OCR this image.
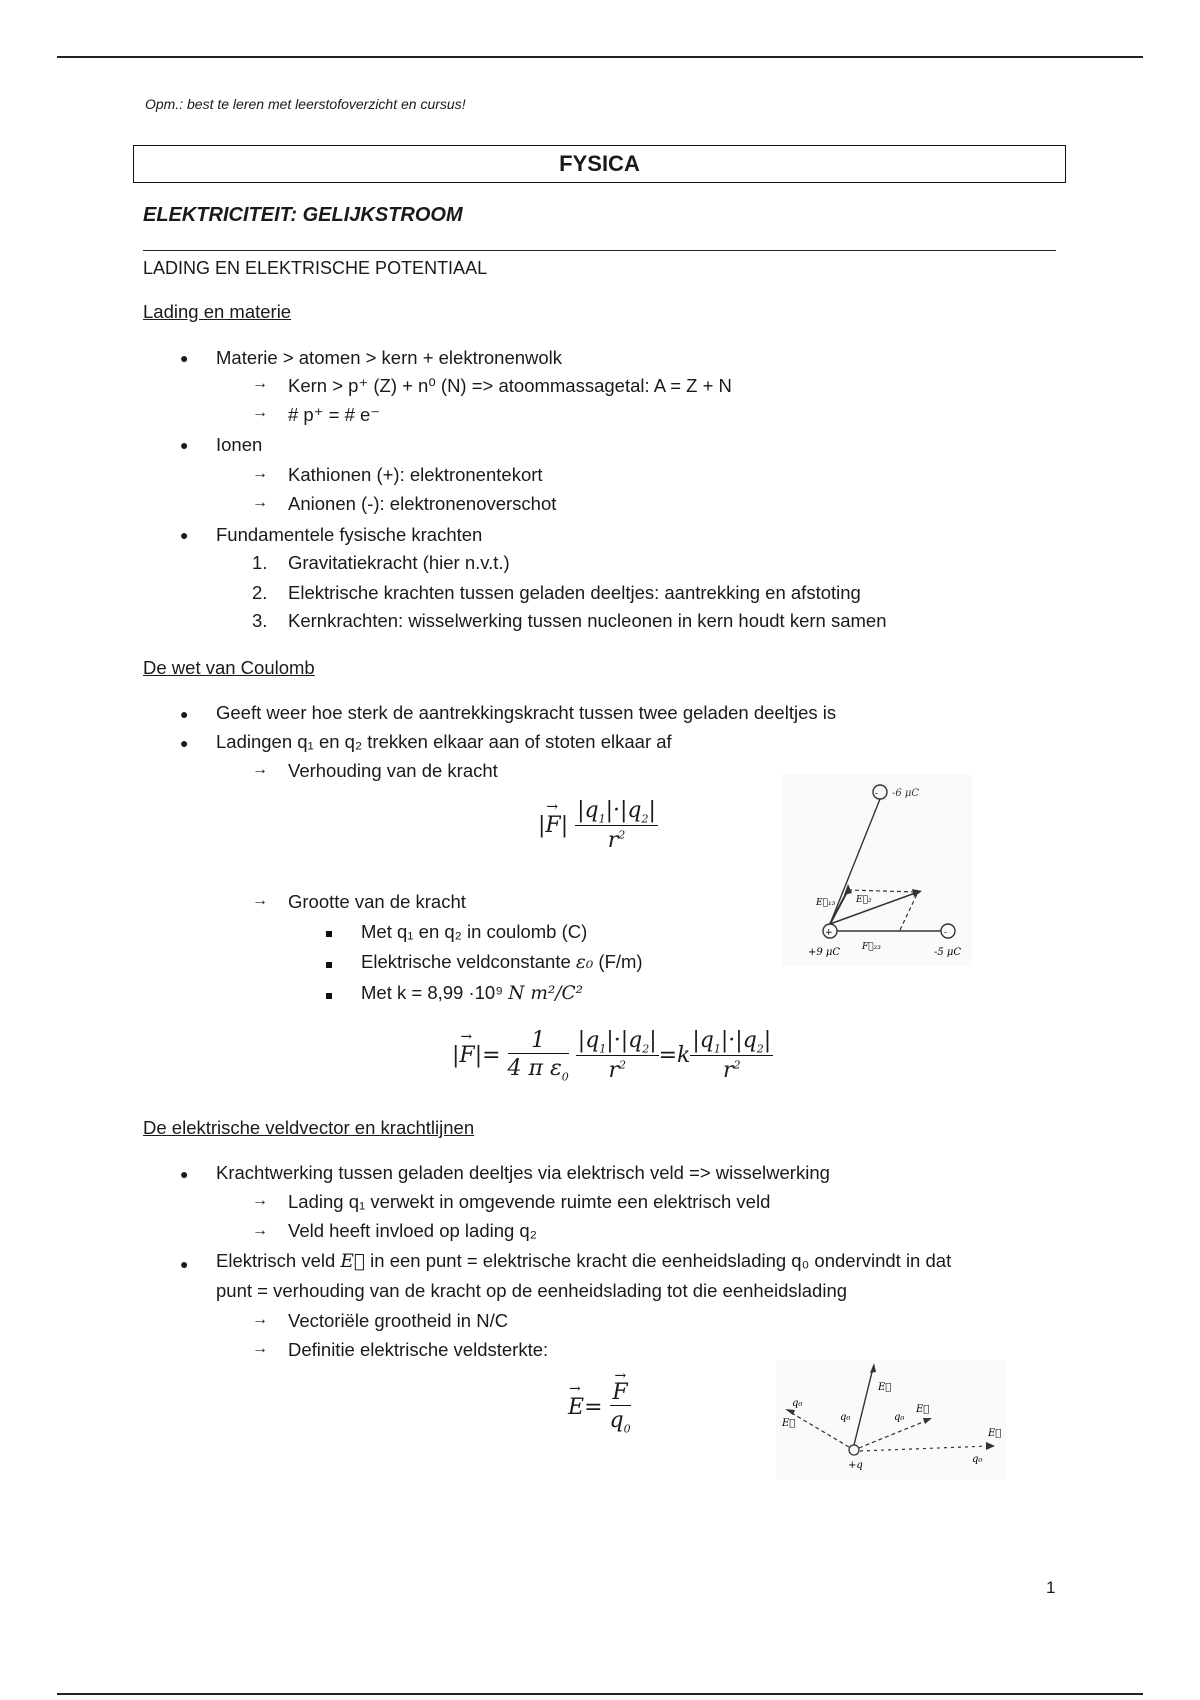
Opm.: best te leren met leerstofoverzicht en cursus!
FYSICA
ELEKTRICITEIT: GELIJKSTROOM
LADING EN ELEKTRISCHE POTENTIAAL
Lading en materie
● Materie > atomen > kern + elektronenwolk
→ Kern > p⁺ (Z) + n⁰ (N) => atoommassagetal: A = Z + N
→ # p⁺ = # e⁻
● Ionen
→ Kathionen (+): elektronentekort
→ Anionen (-): elektronenoverschot
● Fundamentele fysische krachten
1. Gravitatiekracht (hier n.v.t.)
2. Elektrische krachten tussen geladen deeltjes: aantrekking en afstoting
3. Kernkrachten: wisselwerking tussen nucleonen in kern houdt kern samen
De wet van Coulomb
● Geeft weer hoe sterk de aantrekkingskracht tussen twee geladen deeltjes is
● Ladingen q₁ en q₂ trekken elkaar aan of stoten elkaar af
→ Verhouding van de kracht
|F
→
| $\frac{|q_1|\cdot|q_2|}{r^2}$
→ Grootte van de kracht
Met q₁ en q₂ in coulomb (C)
Elektrische veldconstante ε₀ (F/m)
Met k = 8,99 ·10⁹ N m²/C²
|F
→
|= $\frac{1}{4 \pi \varepsilon_0}$
$\frac{|q_1|\cdot|q_2|}{r^2} =k \frac{|q_1|\cdot|q_2|}{r^2}$
- -6 μC
+	-
E⃗₁₃ E⃗₂
F⃗₂₃
+9 μC	-5 μC
De elektrische veldvector en krachtlijnen
● Krachtwerking tussen geladen deeltjes via elektrisch veld => wisselwerking
→ Lading q₁ verwekt in omgevende ruimte een elektrisch veld
→ Veld heeft invloed op lading q₂
● Elektrisch veld E⃗ in een punt = elektrische kracht die eenheidslading q₀ ondervindt in dat
punt = verhouding van de kracht op de eenheidslading tot die eenheidslading
→ Vectoriële grootheid in N/C
→ Definitie elektrische veldsterkte:
E
→
= F
→
$q_0$
+q
q₀
q₀	q₀
q₀
E⃗
E⃗
E⃗
E⃗
1
